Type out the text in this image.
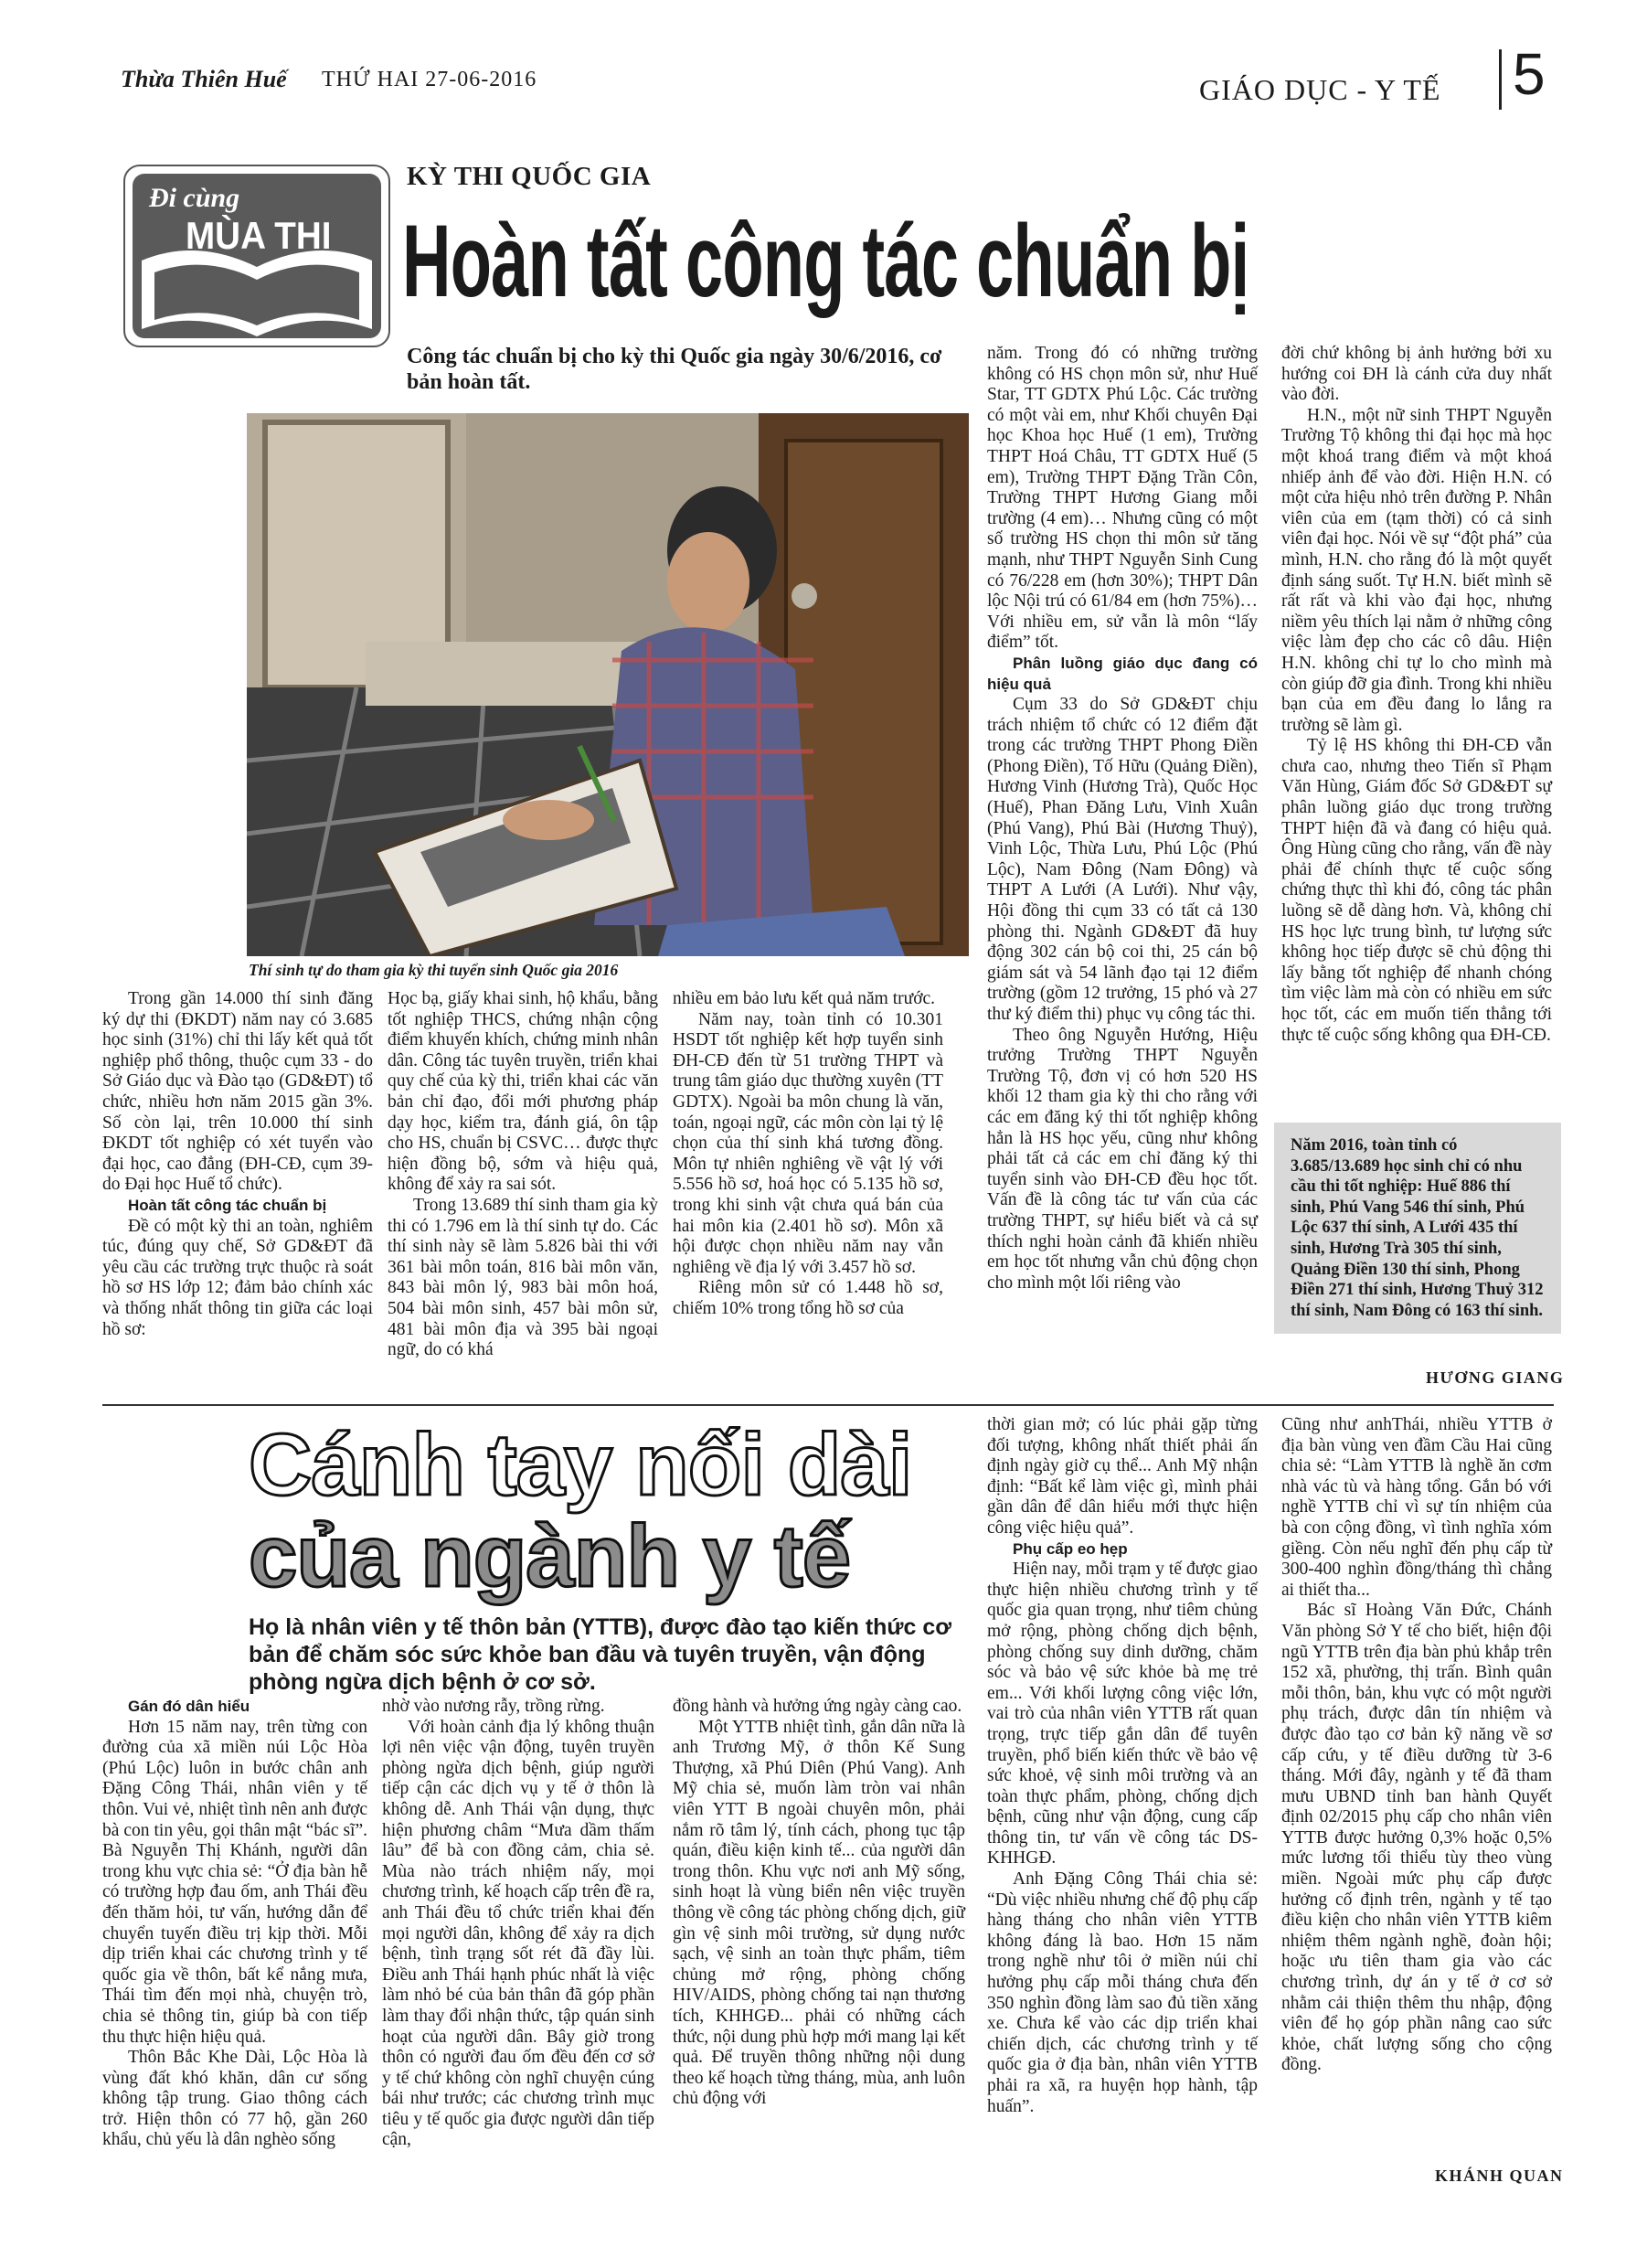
Thừa Thiên Huế THỨ HAI 27-06-2016	GIÁO DỤC - Y TẾ 5
Đi cùng
MÙA THI
KỲ THI QUỐC GIA
Hoàn tất công tác chuẩn bị
Công tác chuẩn bị cho kỳ thi Quốc gia ngày 30/6/2016, cơ bản hoàn tất.
Thí sinh tự do tham gia kỳ thi tuyển sinh Quốc gia 2016

Trong gần 14.000 thí sinh đăng ký dự thi (ĐKDT) năm nay có 3.685 học sinh (31%) chỉ thi lấy kết quả tốt nghiệp phổ thông, thuộc cụm 33 - do Sở Giáo dục và Đào tạo (GD&ĐT) tổ chức, nhiều hơn năm 2015 gần 3%. Số còn lại, trên 10.000 thí sinh ĐKDT tốt nghiệp có xét tuyển vào đại học, cao đẳng (ĐH-CĐ, cụm 39- do Đại học Huế tổ chức).

Hoàn tất công tác chuẩn bị

Đề có một kỳ thi an toàn, nghiêm túc, đúng quy chế, Sở GD&ĐT đã yêu cầu các trường trực thuộc rà soát hồ sơ HS lớp 12; đảm bảo chính xác và thống nhất thông tin giữa các loại hồ sơ:

Học bạ, giấy khai sinh, hộ khẩu, bằng tốt nghiệp THCS, chứng nhận cộng điểm khuyến khích, chứng minh nhân dân. Công tác tuyên truyền, triển khai quy chế của kỳ thi, triển khai các văn bản chỉ đạo, đổi mới phương pháp dạy học, kiểm tra, đánh giá, ôn tập cho HS, chuẩn bị CSVC… được thực hiện đồng bộ, sớm và hiệu quả, không để xảy ra sai sót.

Trong 13.689 thí sinh tham gia kỳ thi có 1.796 em là thí sinh tự do. Các thí sinh này sẽ làm 5.826 bài thi với 361 bài môn toán, 816 bài môn văn, 843 bài môn lý, 983 bài môn hoá, 504 bài môn sinh, 457 bài môn sử, 481 bài môn địa và 395 bài ngoại ngữ, do có khá

nhiều em bảo lưu kết quả năm trước.

Năm nay, toàn tỉnh có 10.301 HSDT tốt nghiệp kết hợp tuyển sinh ĐH-CĐ đến từ 51 trường THPT và trung tâm giáo dục thường xuyên (TT GDTX). Ngoài ba môn chung là văn, toán, ngoại ngữ, các môn còn lại tỷ lệ chọn của thí sinh khá tương đồng. Môn tự nhiên nghiêng về vật lý với 5.556 hồ sơ, hoá học có 5.135 hồ sơ, trong khi sinh vật chưa quá bán của hai môn kia (2.401 hồ sơ). Môn xã hội được chọn nhiều năm nay vẫn nghiêng về địa lý với 3.457 hồ sơ.

Riêng môn sử có 1.448 hồ sơ, chiếm 10% trong tổng hồ sơ của

năm. Trong đó có những trường không có HS chọn môn sử, như Huế Star, TT GDTX Phú Lộc. Các trường có một vài em, như Khối chuyên Đại học Khoa học Huế (1 em), Trường THPT Hoá Châu, TT GDTX Huế (5 em), Trường THPT Đặng Trần Côn, Trường THPT Hương Giang mỗi trường (4 em)… Nhưng cũng có một số trường HS chọn thi môn sử tăng mạnh, như THPT Nguyễn Sinh Cung có 76/228 em (hơn 30%); THPT Dân lộc Nội trú có 61/84 em (hơn 75%)… Với nhiều em, sử vẫn là môn “lấy điểm” tốt.

Phân luồng giáo dục đang có hiệu quả

Cụm 33 do Sở GD&ĐT chịu trách nhiệm tổ chức có 12 điểm đặt trong các trường THPT Phong Điền (Phong Điền), Tố Hữu (Quảng Điền), Hương Vinh (Hương Trà), Quốc Học (Huế), Phan Đăng Lưu, Vinh Xuân (Phú Vang), Phú Bài (Hương Thuỷ), Vinh Lộc, Thừa Lưu, Phú Lộc (Phú Lộc), Nam Đông (Nam Đông) và THPT A Lưới (A Lưới). Như vậy, Hội đồng thi cụm 33 có tất cả 130 phòng thi. Ngành GD&ĐT đã huy động 302 cán bộ coi thi, 25 cán bộ giám sát và 54 lãnh đạo tại 12 điểm trường (gồm 12 trưởng, 15 phó và 27 thư ký điểm thi) phục vụ công tác thi.

Theo ông Nguyễn Hướng, Hiệu trưởng Trường THPT Nguyễn Trường Tộ, đơn vị có hơn 520 HS khối 12 tham gia kỳ thi cho rằng với các em đăng ký thi tốt nghiệp không hẳn là HS học yếu, cũng như không phải tất cả các em chỉ đăng ký thi tuyển sinh vào ĐH-CĐ đều học tốt. Vấn đề là công tác tư vấn của các trường THPT, sự hiểu biết và cả sự thích nghi hoàn cảnh đã khiến nhiều em học tốt nhưng vẫn chủ động chọn cho mình một lối riêng vào

đời chứ không bị ảnh hưởng bởi xu hướng coi ĐH là cánh cửa duy nhất vào đời.

H.N., một nữ sinh THPT Nguyễn Trường Tộ không thi đại học mà học một khoá trang điểm và một khoá nhiếp ảnh để vào đời. Hiện H.N. có một cửa hiệu nhỏ trên đường P. Nhân viên của em (tạm thời) có cả sinh viên đại học. Nói về sự “đột phá” của mình, H.N. cho rằng đó là một quyết định sáng suốt. Tự H.N. biết mình sẽ rất rất và khi vào đại học, nhưng niềm yêu thích lại nằm ở những công việc làm đẹp cho các cô dâu. Hiện H.N. không chỉ tự lo cho mình mà còn giúp đỡ gia đình. Trong khi nhiều bạn của em đều đang lo lắng ra trường sẽ làm gì.

Tỷ lệ HS không thi ĐH-CĐ vẫn chưa cao, nhưng theo Tiến sĩ Phạm Văn Hùng, Giám đốc Sở GD&ĐT sự phân luồng giáo dục trong trường THPT hiện đã và đang có hiệu quả. Ông Hùng cũng cho rằng, vấn đề này phải để chính thực tế cuộc sống chứng thực thì khi đó, công tác phân luồng sẽ dễ dàng hơn. Và, không chỉ HS học lực trung bình, tư lượng sức không học tiếp được sẽ chủ động thi lấy bằng tốt nghiệp để nhanh chóng tìm việc làm mà còn có nhiều em sức học tốt, các em muốn tiến thẳng tới thực tế cuộc sống không qua ĐH-CĐ.

Năm 2016, toàn tỉnh có 3.685/13.689 học sinh chỉ có nhu cầu thi tốt nghiệp: Huế 886 thí sinh, Phú Vang 546 thí sinh, Phú Lộc 637 thí sinh, A Lưới 435 thí sinh, Hương Trà 305 thí sinh, Quảng Điền 130 thí sinh, Phong Điền 271 thí sinh, Hương Thuỷ 312 thí sinh, Nam Đông có 163 thí sinh.
HƯƠNG GIANG
Cánh tay nối dài
của ngành y tế
Họ là nhân viên y tế thôn bản (YTTB), được đào tạo kiến thức cơ bản để chăm sóc sức khỏe ban đầu và tuyên truyền, vận động phòng ngừa dịch bệnh ở cơ sở.

Gán đó dân hiểu

Hơn 15 năm nay, trên từng con đường của xã miền núi Lộc Hòa (Phú Lộc) luôn in bước chân anh Đặng Công Thái, nhân viên y tế thôn. Vui vẻ, nhiệt tình nên anh được bà con tin yêu, gọi thân mật “bác sĩ”. Bà Nguyễn Thị Khánh, người dân trong khu vực chia sẻ: “Ở địa bàn hễ có trường hợp đau ốm, anh Thái đều đến thăm hỏi, tư vấn, hướng dẫn để chuyển tuyến điều trị kịp thời. Mỗi dịp triển khai các chương trình y tế quốc gia về thôn, bất kể nắng mưa, Thái tìm đến mọi nhà, chuyện trò, chia sẻ thông tin, giúp bà con tiếp thu thực hiện hiệu quả.

Thôn Bắc Khe Dài, Lộc Hòa là vùng đất khó khăn, dân cư sống không tập trung. Giao thông cách trở. Hiện thôn có 77 hộ, gần 260 khẩu, chủ yếu là dân nghèo sống

nhờ vào nương rẫy, trồng rừng.

Với hoàn cảnh địa lý không thuận lợi nên việc vận động, tuyên truyền phòng ngừa dịch bệnh, giúp người tiếp cận các dịch vụ y tế ở thôn là không dễ. Anh Thái vận dụng, thực hiện phương châm “Mưa dầm thấm lâu” để bà con đồng cảm, chia sẻ. Mùa nào trách nhiệm nấy, mọi chương trình, kế hoạch cấp trên đề ra, anh Thái đều tổ chức triển khai đến mọi người dân, không để xảy ra dịch bệnh, tình trạng sốt rét đã đầy lùi. Điều anh Thái hạnh phúc nhất là việc làm nhỏ bé của bản thân đã góp phần làm thay đổi nhận thức, tập quán sinh hoạt của người dân. Bây giờ trong thôn có người đau ốm đều đến cơ sở y tế chứ không còn nghĩ chuyện cúng bái như trước; các chương trình mục tiêu y tế quốc gia được người dân tiếp cận,

đồng hành và hưởng ứng ngày càng cao.

Một YTTB nhiệt tình, gắn dân nữa là anh Trương Mỹ, ở thôn Kế Sung Thượng, xã Phú Diên (Phú Vang). Anh Mỹ chia sẻ, muốn làm tròn vai nhân viên YTT B ngoài chuyên môn, phải nắm rõ tâm lý, tính cách, phong tục tập quán, điều kiện kinh tế... của người dân trong thôn. Khu vực nơi anh Mỹ sống, sinh hoạt là vùng biển nên việc truyền thông về công tác phòng chống dịch, giữ gìn vệ sinh môi trường, sử dụng nước sạch, vệ sinh an toàn thực phẩm, tiêm chủng mở rộng, phòng chống HIV/AIDS, phòng chống tai nạn thương tích, KHHGĐ... phải có những cách thức, nội dung phù hợp mới mang lại kết quả. Để truyền thông những nội dung theo kế hoạch từng tháng, mùa, anh luôn chủ động với

thời gian mở; có lúc phải gặp từng đối tượng, không nhất thiết phải ấn định ngày giờ cụ thể... Anh Mỹ nhận định: “Bất kể làm việc gì, mình phải gần dân để dân hiểu mới thực hiện công việc hiệu quả”.

Phụ cấp eo hẹp

Hiện nay, mỗi trạm y tế được giao thực hiện nhiều chương trình y tế quốc gia quan trọng, như tiêm chủng mở rộng, phòng chống dịch bệnh, phòng chống suy dinh dưỡng, chăm sóc và bảo vệ sức khỏe bà mẹ trẻ em... Với khối lượng công việc lớn, vai trò của nhân viên YTTB rất quan trọng, trực tiếp gắn dân để tuyên truyền, phổ biến kiến thức về bảo vệ sức khoẻ, vệ sinh môi trường và an toàn thực phẩm, phòng, chống dịch bệnh, cũng như vận động, cung cấp thông tin, tư vấn về công tác DS-KHHGĐ.

Anh Đặng Công Thái chia sẻ: “Dù việc nhiều nhưng chế độ phụ cấp hàng tháng cho nhân viên YTTB không đáng là bao. Hơn 15 năm trong nghề như tôi ở miền núi chỉ hưởng phụ cấp mỗi tháng chưa đến 350 nghìn đồng làm sao đủ tiền xăng xe. Chưa kể vào các dịp triển khai chiến dịch, các chương trình y tế quốc gia ở địa bàn, nhân viên YTTB phải ra xã, ra huyện họp hành, tập huấn”.

Cũng như anhThái, nhiều YTTB ở địa bàn vùng ven đầm Cầu Hai cũng chia sẻ: “Làm YTTB là nghề ăn cơm nhà vác tù và hàng tổng. Gắn bó với nghề YTTB chỉ vì sự tín nhiệm của bà con cộng đồng, vì tình nghĩa xóm giềng. Còn nếu nghĩ đến phụ cấp từ 300-400 nghìn đồng/tháng thì chẳng ai thiết tha...

Bác sĩ Hoàng Văn Đức, Chánh Văn phòng Sở Y tế cho biết, hiện đội ngũ YTTB trên địa bàn phủ khắp trên 152 xã, phường, thị trấn. Bình quân mỗi thôn, bản, khu vực có một người phụ trách, được dân tín nhiệm và được đào tạo cơ bản kỹ năng về sơ cấp cứu, y tế điều dưỡng từ 3-6 tháng. Mới đây, ngành y tế đã tham mưu UBND tỉnh ban hành Quyết định 02/2015 phụ cấp cho nhân viên YTTB được hưởng 0,3% hoặc 0,5% mức lương tối thiểu tùy theo vùng miền. Ngoài mức phụ cấp được hưởng cố định trên, ngành y tế tạo điều kiện cho nhân viên YTTB kiêm nhiệm thêm ngành nghề, đoàn hội; hoặc ưu tiên tham gia vào các chương trình, dự án y tế ở cơ sở nhằm cải thiện thêm thu nhập, động viên để họ góp phần nâng cao sức khỏe, chất lượng sống cho cộng đồng.

KHÁNH QUAN
